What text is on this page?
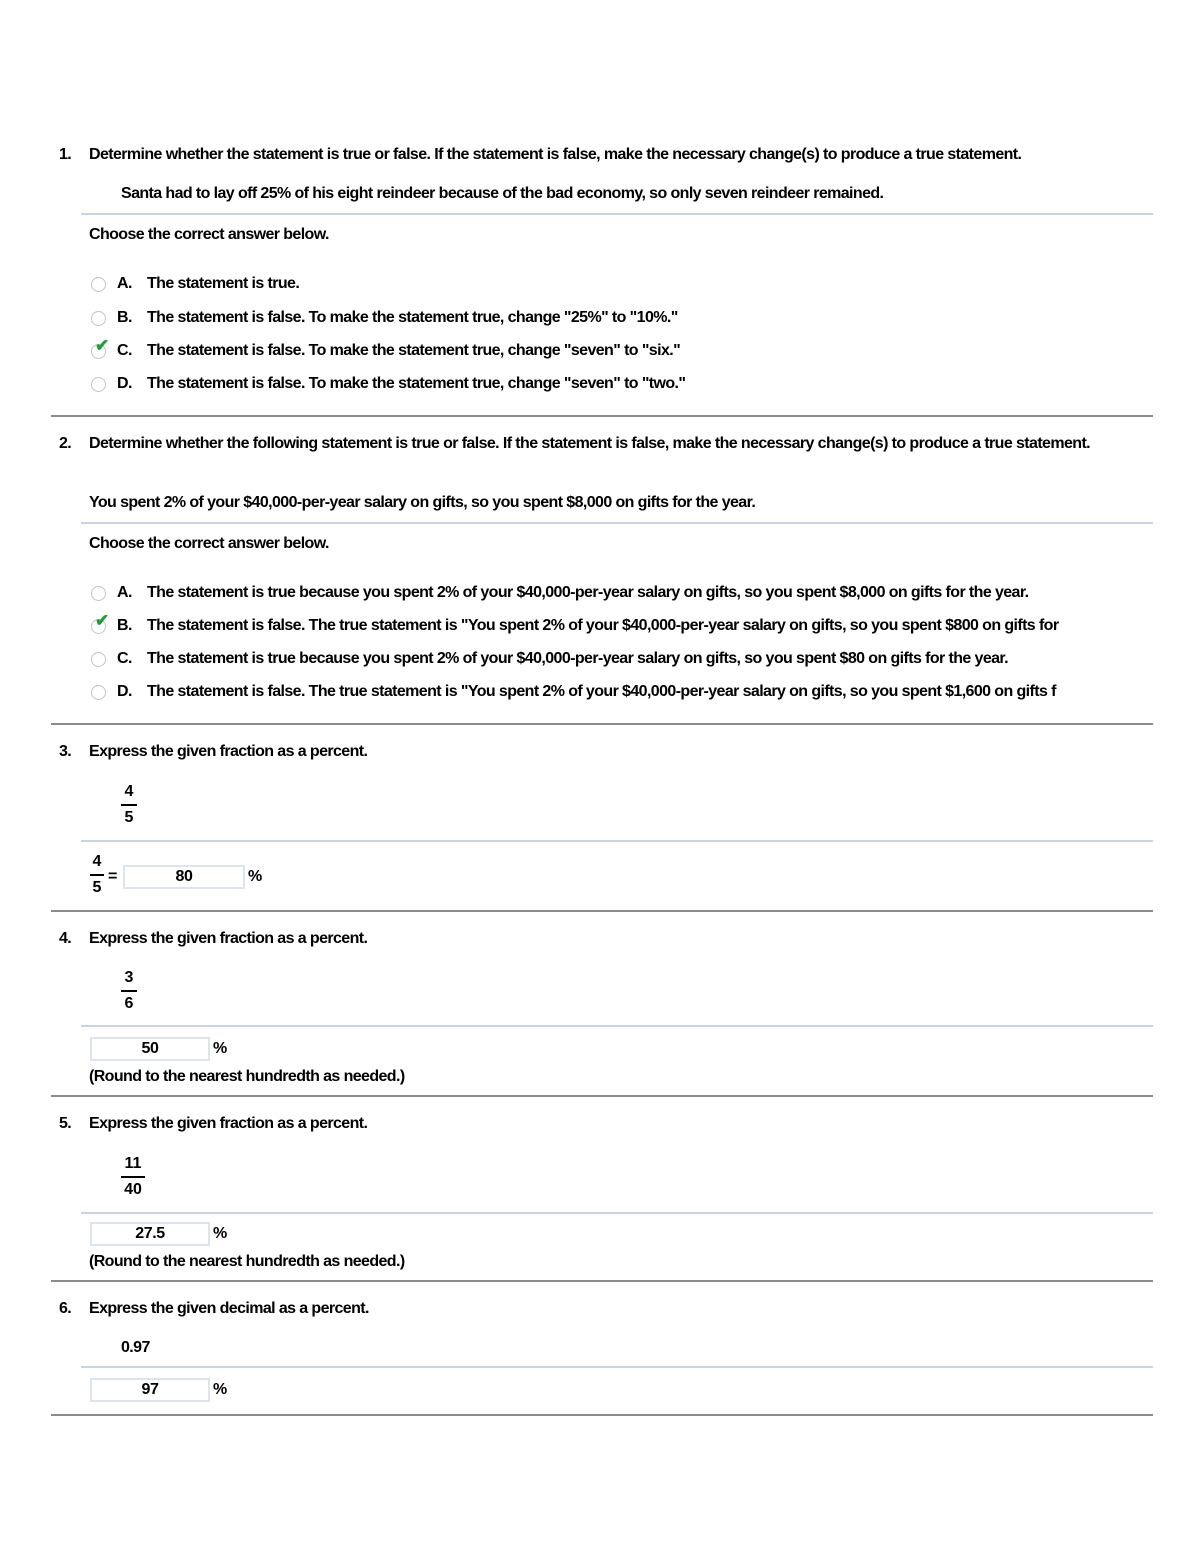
1. Determine whether the statement is true or false. If the statement is false, make the necessary change(s) to produce a true statement.
Santa had to lay off 25% of his eight reindeer because of the bad economy, so only seven reindeer remained.
Choose the correct answer below.
A. The statement is true.
B. The statement is false. To make the statement true, change "25%" to "10%."
✔ C. The statement is false. To make the statement true, change "seven" to "six."
D. The statement is false. To make the statement true, change "seven" to "two."
2. Determine whether the following statement is true or false. If the statement is false, make the necessary change(s) to produce a true statement.
You spent 2% of your $40,000-per-year salary on gifts, so you spent $8,000 on gifts for the year.
Choose the correct answer below.
A. The statement is true because you spent 2% of your $40,000-per-year salary on gifts, so you spent $8,000 on gifts for the year.
✔ B. The statement is false. The true statement is "You spent 2% of your $40,000-per-year salary on gifts, so you spent $800 on gifts for
C. The statement is true because you spent 2% of your $40,000-per-year salary on gifts, so you spent $80 on gifts for the year.
D. The statement is false. The true statement is "You spent 2% of your $40,000-per-year salary on gifts, so you spent $1,600 on gifts f
3. Express the given fraction as a percent.
4
5
4
5
=	80	%
4. Express the given fraction as a percent.
3
6
50	%
(Round to the nearest hundredth as needed.)
5. Express the given fraction as a percent.
11
40
27.5	%
(Round to the nearest hundredth as needed.)
6. Express the given decimal as a percent.
0.97
97	%
